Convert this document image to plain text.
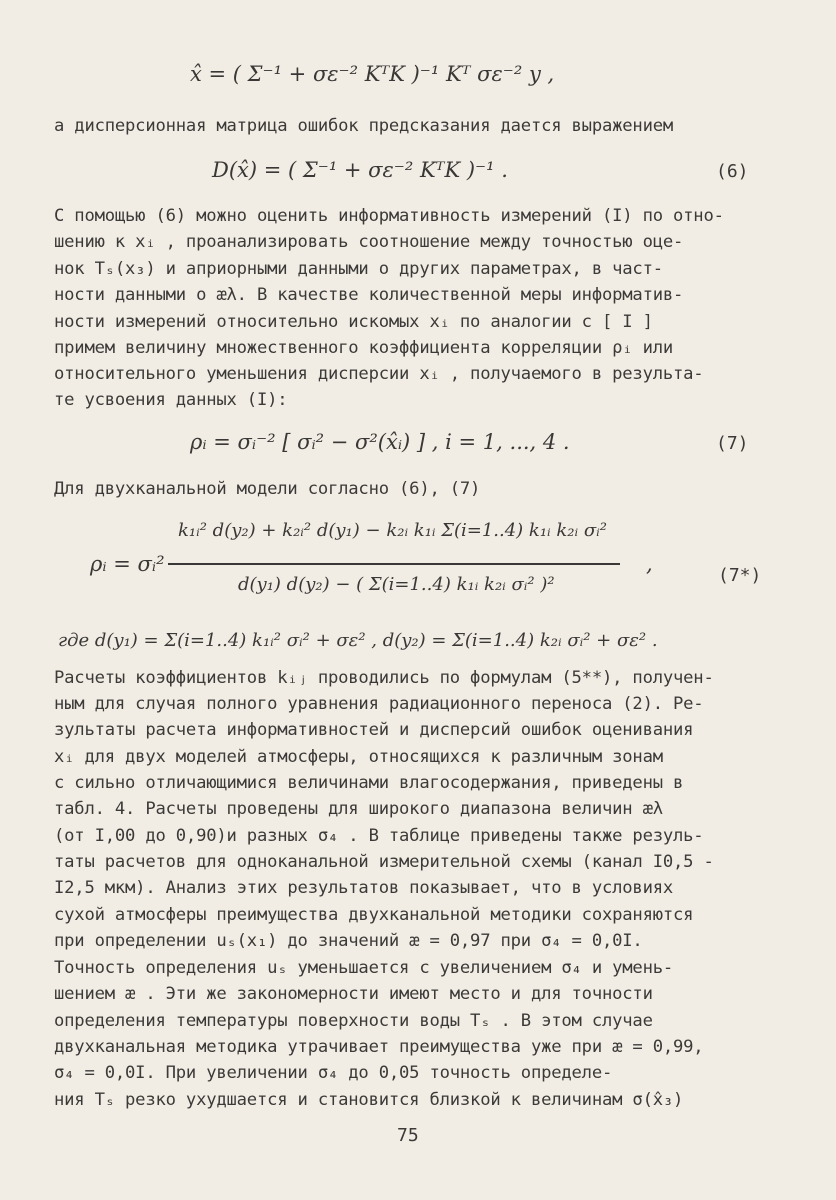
x̂ = ( Σ⁻¹ + σε⁻² KᵀK )⁻¹ Kᵀ σε⁻² y ,
а дисперсионная матрица ошибок предсказания дается выражением
D(x̂) = ( Σ⁻¹ + σε⁻² KᵀK )⁻¹ .	(6)
С помощью (6) можно оценить информативность измерений (I) по отно-
шению к xᵢ , проанализировать соотношение между точностью оце-
нок Tₛ(x₃) и априорными данными о других параметрах, в част-
ности данными о æλ. В качестве количественной меры информатив-
ности измерений относительно искомых xᵢ по аналогии с [ I ]
примем величину множественного коэффициента корреляции ρᵢ или
относительного уменьшения дисперсии xᵢ , получаемого в результа-
те усвоения данных (I):
ρᵢ = σᵢ⁻² [ σᵢ² − σ²(x̂ᵢ) ] , i = 1, ..., 4 .	(7)
Для двухканальной модели согласно (6), (7)
ρᵢ = σᵢ²
k₁ᵢ² d(y₂) + k₂ᵢ² d(y₁) − k₂ᵢ k₁ᵢ Σ(i=1..4) k₁ᵢ k₂ᵢ σᵢ²
d(y₁) d(y₂) − ( Σ(i=1..4) k₁ᵢ k₂ᵢ σᵢ² )²
,	(7*)
где d(y₁) = Σ(i=1..4) k₁ᵢ² σᵢ² + σε² , d(y₂) = Σ(i=1..4) k₂ᵢ σᵢ² + σε² .
Расчеты коэффициентов kᵢⱼ проводились по формулам (5**), получен-
ным для случая полного уравнения радиационного переноса (2). Ре-
зультаты расчета информативностей и дисперсий ошибок оценивания
xᵢ для двух моделей атмосферы, относящихся к различным зонам
с сильно отличающимися величинами влагосодержания, приведены в
табл. 4. Расчеты проведены для широкого диапазона величин æλ
(от I,00 до 0,90)и разных σ₄ . В таблице приведены также резуль-
таты расчетов для одноканальной измерительной схемы (канал I0,5 -
I2,5 мкм). Анализ этих результатов показывает, что в условиях
сухой атмосферы преимущества двухканальной методики сохраняются
при определении uₛ(x₁) до значений æ = 0,97 при σ₄ = 0,0I.
Точность определения uₛ уменьшается с увеличением σ₄ и умень-
шением æ . Эти же закономерности имеют место и для точности
определения температуры поверхности воды Tₛ . В этом случае
двухканальная методика утрачивает преимущества уже при æ = 0,99,
σ₄ = 0,0I. При увеличении σ₄ до 0,05 точность определе-
ния Tₛ резко ухудшается и становится близкой к величинам σ(x̂₃)
75
